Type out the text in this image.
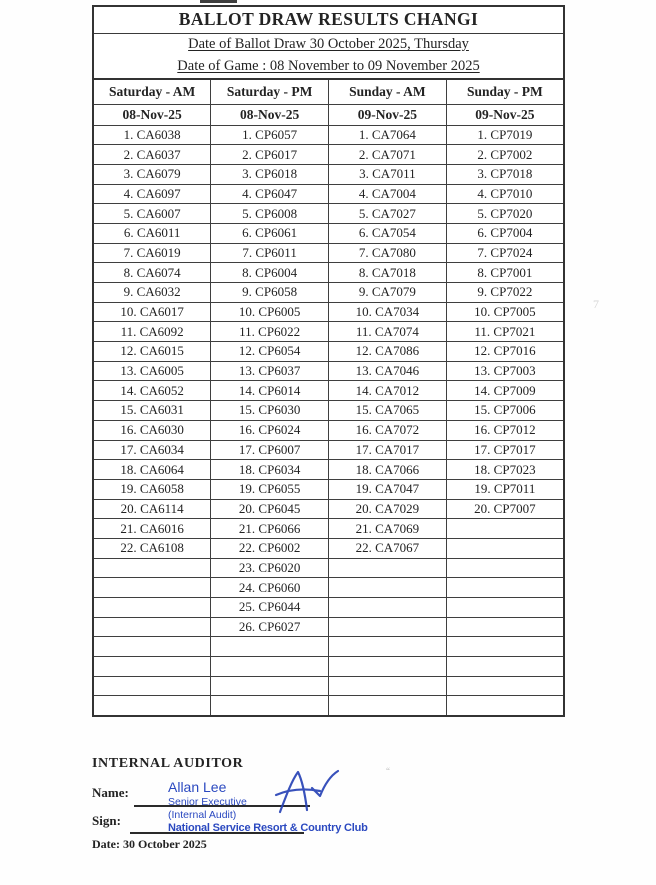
BALLOT DRAW RESULTS CHANGI
Date of Ballot Draw 30 October 2025, Thursday
Date of Game : 08 November to 09 November 2025
Saturday - AM	Saturday - PM	Sunday - AM	Sunday - PM
08-Nov-25	08-Nov-25	09-Nov-25	09-Nov-25
1. CA6038	1. CP6057	1. CA7064	1. CP7019
2. CA6037	2. CP6017	2. CA7071	2. CP7002
3. CA6079	3. CP6018	3. CA7011	3. CP7018
4. CA6097	4. CP6047	4. CA7004	4. CP7010
5. CA6007	5. CP6008	5. CA7027	5. CP7020
6. CA6011	6. CP6061	6. CA7054	6. CP7004
7. CA6019	7. CP6011	7. CA7080	7. CP7024
8. CA6074	8. CP6004	8. CA7018	8. CP7001
9. CA6032	9. CP6058	9. CA7079	9. CP7022
10. CA6017	10. CP6005	10. CA7034	10. CP7005
11. CA6092	11. CP6022	11. CA7074	11. CP7021
12. CA6015	12. CP6054	12. CA7086	12. CP7016
13. CA6005	13. CP6037	13. CA7046	13. CP7003
14. CA6052	14. CP6014	14. CA7012	14. CP7009
15. CA6031	15. CP6030	15. CA7065	15. CP7006
16. CA6030	16. CP6024	16. CA7072	16. CP7012
17. CA6034	17. CP6007	17. CA7017	17. CP7017
18. CA6064	18. CP6034	18. CA7066	18. CP7023
19. CA6058	19. CP6055	19. CA7047	19. CP7011
20. CA6114	20. CP6045	20. CA7029	20. CP7007
21. CA6016	21. CP6066	21. CA7069	
22. CA6108	22. CP6002	22. CA7067	
	23. CP6020		
	24. CP6060		
	25. CP6044		
	26. CP6027		

7
INTERNAL AUDITOR
Name:
Sign:
Allan Lee
Senior Executive
(Internal Audit)
National Service Resort & Country Club
Date: 30 October 2025
“
